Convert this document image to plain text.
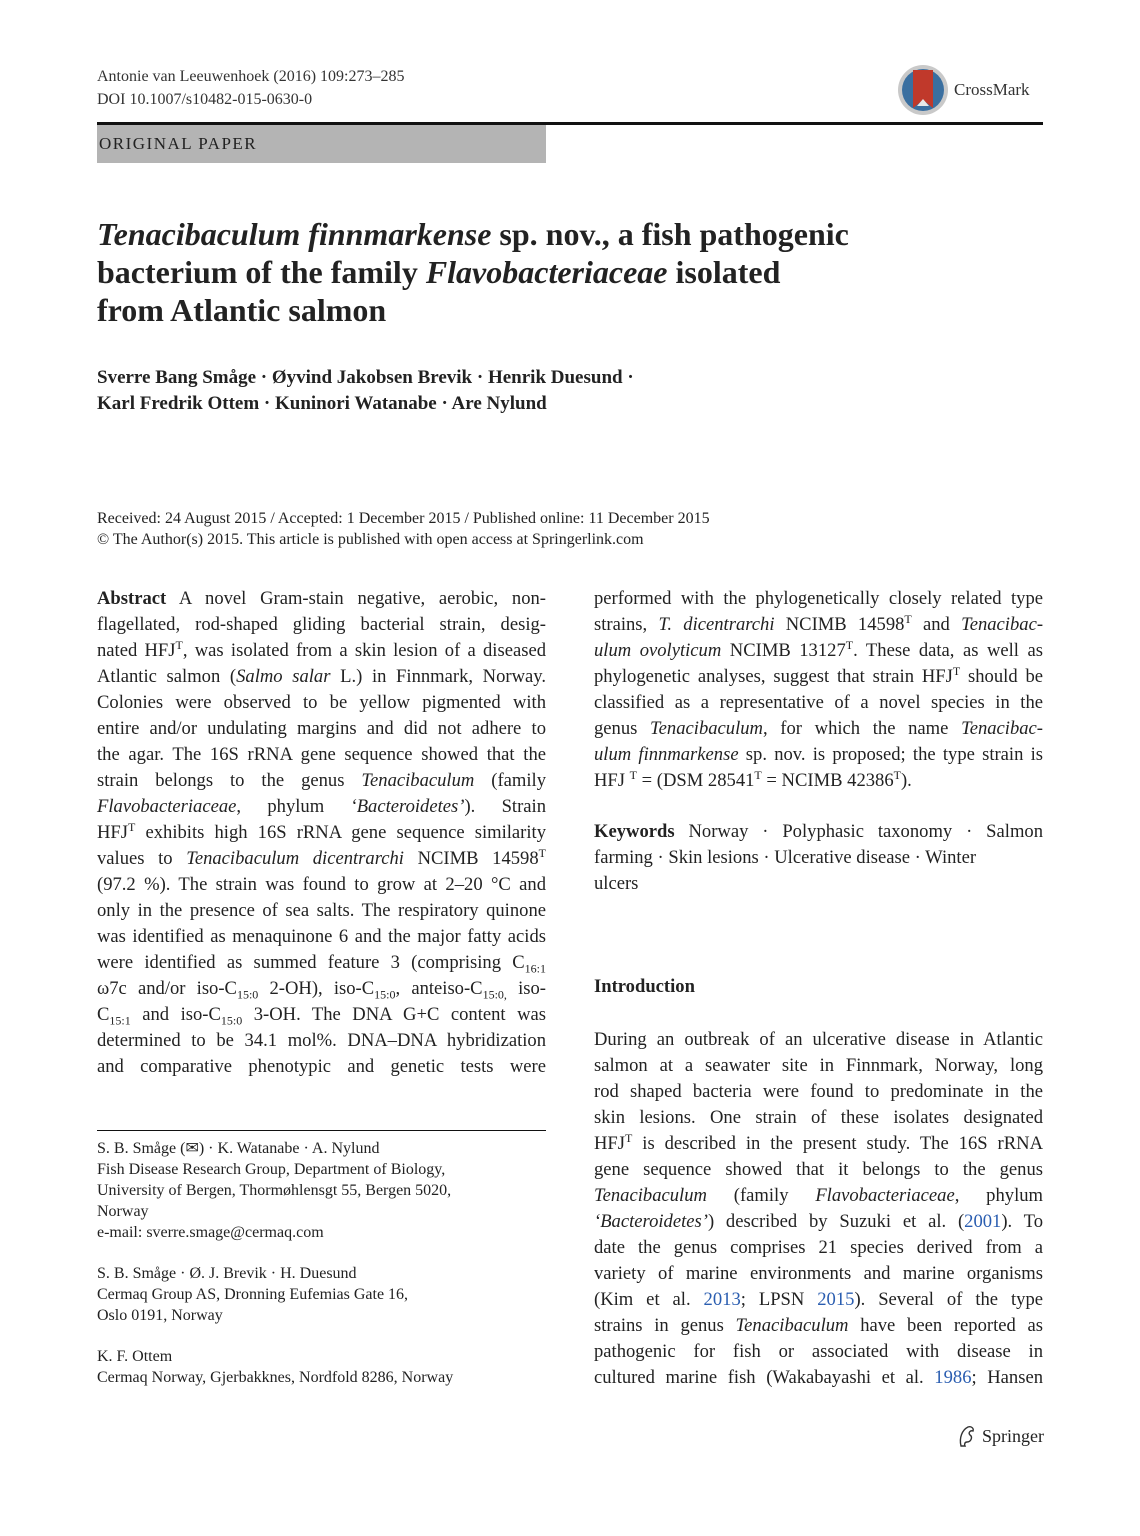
Antonie van Leeuwenhoek (2016) 109:273–285
DOI 10.1007/s10482-015-0630-0
CrossMark
ORIGINAL PAPER
Tenacibaculum finnmarkense sp. nov., a fish pathogenic
bacterium of the family Flavobacteriaceae isolated
from Atlantic salmon
Sverre Bang Småge · Øyvind Jakobsen Brevik · Henrik Duesund ·
Karl Fredrik Ottem · Kuninori Watanabe · Are Nylund
Received: 24 August 2015 / Accepted: 1 December 2015 / Published online: 11 December 2015
© The Author(s) 2015. This article is published with open access at Springerlink.com
Abstract A novel Gram-stain negative, aerobic, non-
flagellated, rod-shaped gliding bacterial strain, desig-
nated $HFJ^T$, was isolated from a skin lesion of a diseased
Atlantic salmon (Salmo salar L.) in Finnmark, Norway.
Colonies were observed to be yellow pigmented with
entire and/or undulating margins and did not adhere to
the agar. The 16S rRNA gene sequence showed that the
strain belongs to the genus Tenacibaculum (family
Flavobacteriaceae, phylum ‘Bacteroidetes’). Strain
$HFJ^T$ exhibits high 16S rRNA gene sequence similarity
values to Tenacibaculum dicentrarchi NCIMB $14598^T$
(97.2 %). The strain was found to grow at 2–20 °C and
only in the presence of sea salts. The respiratory quinone
was identified as menaquinone 6 and the major fatty acids
were identified as summed feature 3 (comprising $C_{16:1}$
ω7c and/or iso-$C_{15:0}$ 2-OH), iso-$C_{15:0}$, anteiso-$C_{15:0,}$ iso-
$C_{15:1}$ and iso-$C_{15:0}$ 3-OH. The DNA G+C content was
determined to be 34.1 mol%. DNA–DNA hybridization
and comparative phenotypic and genetic tests were
performed with the phylogenetically closely related type
strains, T. dicentrarchi NCIMB $14598^T$ and Tenacibac-
ulum ovolyticum NCIMB $13127^T$. These data, as well as
phylogenetic analyses, suggest that strain $HFJ^T$ should be
classified as a representative of a novel species in the
genus Tenacibaculum, for which the name Tenacibac-
ulum finnmarkense sp. nov. is proposed; the type strain is
HFJ $^T$ = (DSM $28541^T$ = NCIMB $42386^T$).
Keywords Norway · Polyphasic taxonomy · Salmon
farming · Skin lesions · Ulcerative disease · Winter
ulcers
Introduction
During an outbreak of an ulcerative disease in Atlantic
salmon at a seawater site in Finnmark, Norway, long
rod shaped bacteria were found to predominate in the
skin lesions. One strain of these isolates designated
$HFJ^T$ is described in the present study. The 16S rRNA
gene sequence showed that it belongs to the genus
Tenacibaculum (family Flavobacteriaceae, phylum
‘Bacteroidetes’) described by Suzuki et al. (2001). To
date the genus comprises 21 species derived from a
variety of marine environments and marine organisms
(Kim et al. 2013; LPSN 2015). Several of the type
strains in genus Tenacibaculum have been reported as
pathogenic for fish or associated with disease in
cultured marine fish (Wakabayashi et al. 1986; Hansen
S. B. Småge (✉) · K. Watanabe · A. Nylund
Fish Disease Research Group, Department of Biology,
University of Bergen, Thormøhlensgt 55, Bergen 5020,
Norway
e-mail: sverre.smage@cermaq.com
S. B. Småge · Ø. J. Brevik · H. Duesund
Cermaq Group AS, Dronning Eufemias Gate 16,
Oslo 0191, Norway
K. F. Ottem
Cermaq Norway, Gjerbakknes, Nordfold 8286, Norway
Springer
